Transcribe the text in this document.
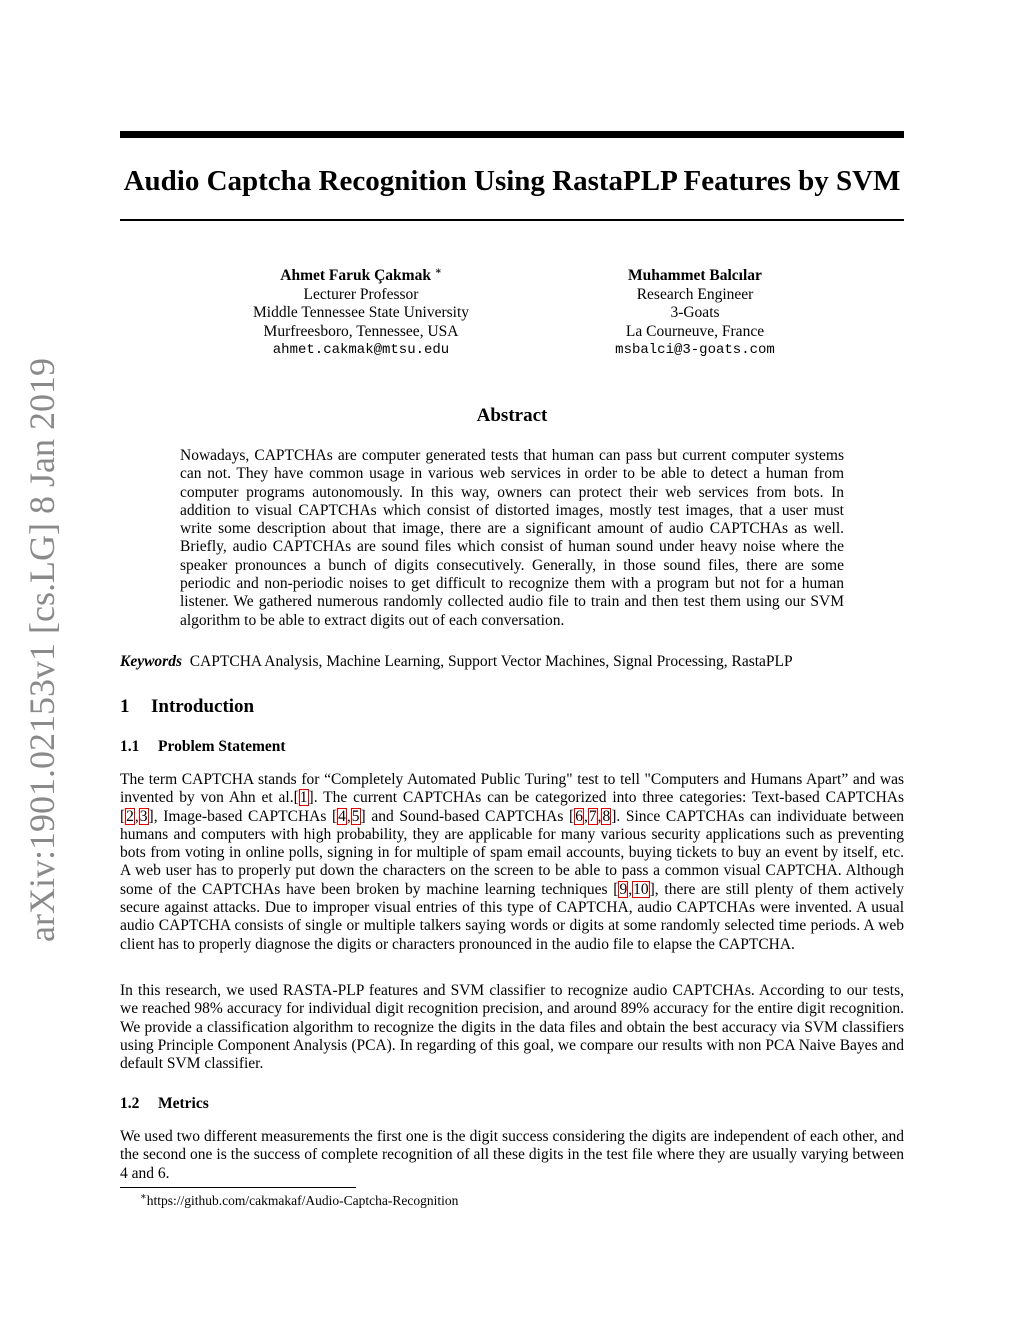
arXiv:1901.02153v1 [cs.LG] 8 Jan 2019
Audio Captcha Recognition Using RastaPLP Features by SVM
Ahmet Faruk Çakmak ∗
Lecturer Professor
Middle Tennessee State University
Murfreesboro, Tennessee, USA
ahmet.cakmak@mtsu.edu
Muhammet Balcılar
Research Engineer
3-Goats
La Courneuve, France
msbalci@3-goats.com
Abstract
Nowadays, CAPTCHAs are computer generated tests that human can pass but current computer systems can not. They have common usage in various web services in order to be able to detect a human from computer programs autonomously. In this way, owners can protect their web services from bots. In addition to visual CAPTCHAs which consist of distorted images, mostly test images, that a user must write some description about that image, there are a significant amount of audio CAPTCHAs as well. Briefly, audio CAPTCHAs are sound files which consist of human sound under heavy noise where the speaker pronounces a bunch of digits consecutively. Generally, in those sound files, there are some periodic and non-periodic noises to get difficult to recognize them with a program but not for a human listener. We gathered numerous randomly collected audio file to train and then test them using our SVM algorithm to be able to extract digits out of each conversation.
Keywords CAPTCHA Analysis, Machine Learning, Support Vector Machines, Signal Processing, RastaPLP
1 Introduction
1.1 Problem Statement
The term CAPTCHA stands for “Completely Automated Public Turing" test to tell "Computers and Humans Apart” and was invented by von Ahn et al.[1]. The current CAPTCHAs can be categorized into three categories: Text-based CAPTCHAs [2,3], Image-based CAPTCHAs [4,5] and Sound-based CAPTCHAs [6,7,8]. Since CAPTCHAs can individuate between humans and computers with high probability, they are applicable for many various security applications such as preventing bots from voting in online polls, signing in for multiple of spam email accounts, buying tickets to buy an event by itself, etc. A web user has to properly put down the characters on the screen to be able to pass a common visual CAPTCHA. Although some of the CAPTCHAs have been broken by machine learning techniques [9,10], there are still plenty of them actively secure against attacks. Due to improper visual entries of this type of CAPTCHA, audio CAPTCHAs were invented. A usual audio CAPTCHA consists of single or multiple talkers saying words or digits at some randomly selected time periods. A web client has to properly diagnose the digits or characters pronounced in the audio file to elapse the CAPTCHA.
In this research, we used RASTA-PLP features and SVM classifier to recognize audio CAPTCHAs. According to our tests, we reached 98% accuracy for individual digit recognition precision, and around 89% accuracy for the entire digit recognition. We provide a classification algorithm to recognize the digits in the data files and obtain the best accuracy via SVM classifiers using Principle Component Analysis (PCA). In regarding of this goal, we compare our results with non PCA Naive Bayes and default SVM classifier.
1.2 Metrics
We used two different measurements the first one is the digit success considering the digits are independent of each other, and the second one is the success of complete recognition of all these digits in the test file where they are usually varying between 4 and 6.
∗https://github.com/cakmakaf/Audio-Captcha-Recognition
